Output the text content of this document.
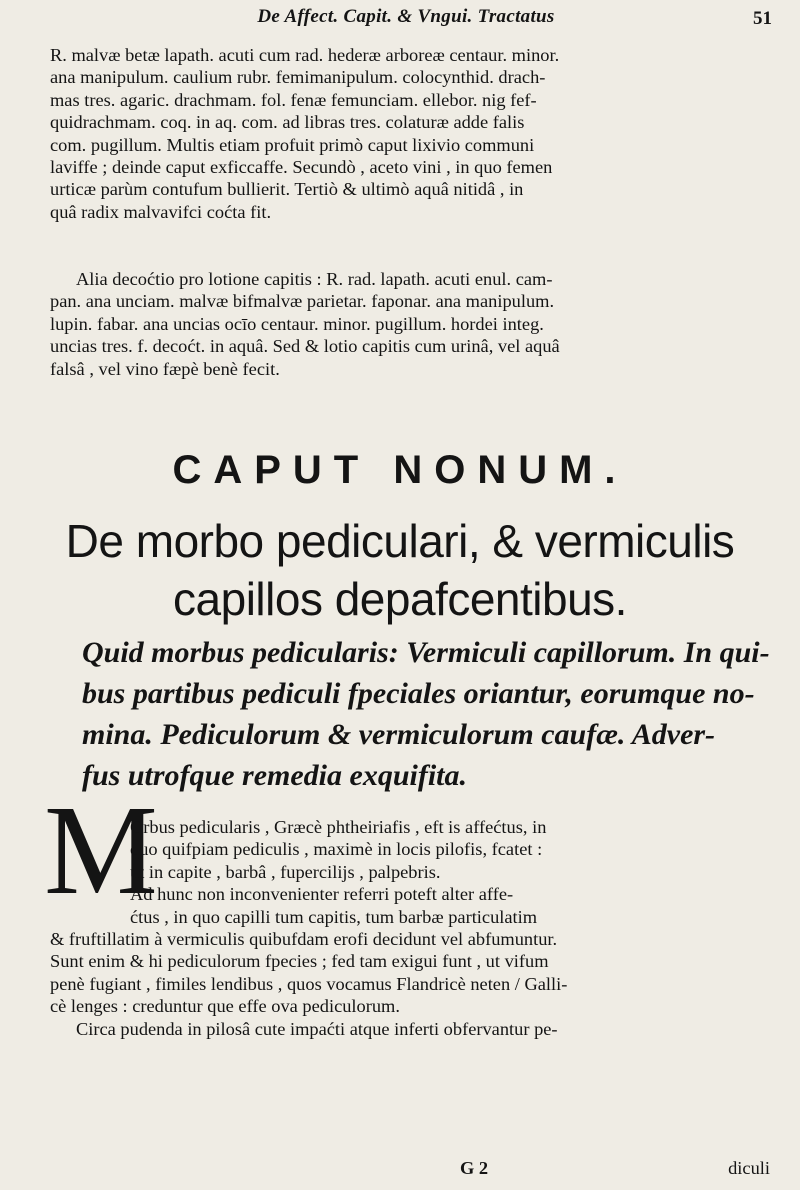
De Affect. Capit. & Vngui. Tractatus	51
R. malvæ betæ lapath. acuti cum rad. hederæ arboreæ centaur. minor.
ana manipulum. caulium rubr. femimanipulum. colocynthid. drach-
mas tres. agaric. drachmam. fol. fenæ femunciam. ellebor. nig fef-
quidrachmam. coq. in aq. com. ad libras tres. colaturæ adde falis
com. pugillum. Multis etiam profuit primò caput lixivio communi
laviffe ; deinde caput exficcaffe. Secundò , aceto vini , in quo femen
urticæ parùm contufum bullierit. Tertiò & ultimò aquâ nitidâ , in
quâ radix malvavifci coćta fit.
Alia decoćtio pro lotione capitis : R. rad. lapath. acuti enul. cam-
pan. ana unciam. malvæ bifmalvæ parietar. faponar. ana manipulum.
lupin. fabar. ana uncias ocīo centaur. minor. pugillum. hordei integ.
uncias tres. f. decoćt. in aquâ. Sed & lotio capitis cum urinâ, vel aquâ
falsâ , vel vino fæpè benè fecit.
CAPUT NONUM.
De morbo pediculari, & vermiculis
capillos depafcentibus.
Quid morbus pedicularis: Vermiculi capillorum. In qui-
bus partibus pediculi fpeciales oriantur, eorumque no-
mina. Pediculorum & vermiculorum caufæ. Adver-
fus utrofque remedia exquifita.
M
Orbus pedicularis , Græcè phtheiriafis , eft is affećtus, in
quo quifpiam pediculis , maximè in locis pilofis, fcatet :
ut in capite , barbâ , fupercilijs , palpebris.
Ad hunc non inconvenienter referri poteft alter affe-
ćtus , in quo capilli tum capitis, tum barbæ particulatim
& fruftillatim à vermiculis quibufdam erofi decidunt vel abfumuntur.
Sunt enim & hi pediculorum fpecies ; fed tam exigui funt , ut vifum
penè fugiant , fimiles lendibus , quos vocamus Flandricè neten / Galli-
cè lenges : creduntur que effe ova pediculorum.
Circa pudenda in pilosâ cute impaćti atque inferti obfervantur pe-
G 2	diculi
